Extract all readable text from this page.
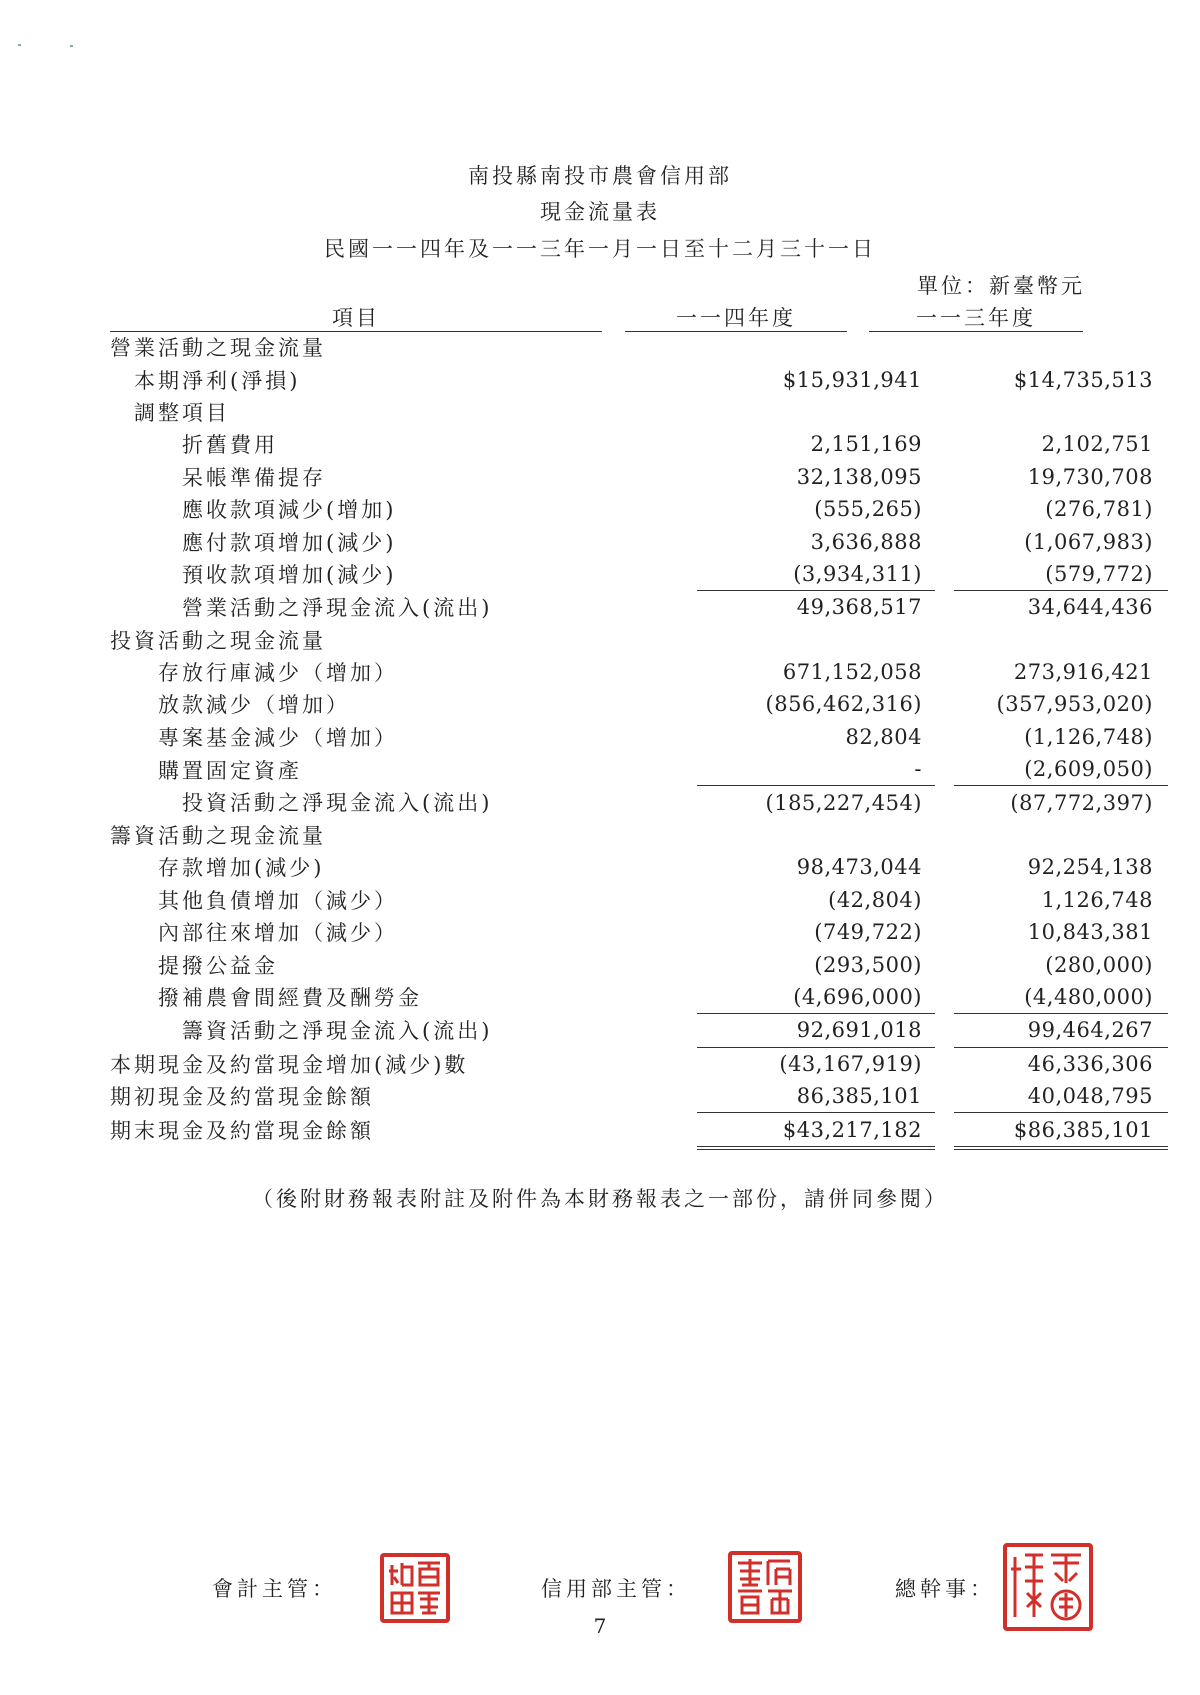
南投縣南投市農會信用部
現金流量表
民國一一四年及一一三年一月一日至十二月三十一日
單位：新臺幣元
項目	一一四年度	一一三年度
營業活動之現金流量			
本期淨利(淨損)	$15,931,941		$14,735,513
調整項目			
折舊費用	2,151,169		2,102,751
呆帳準備提存	32,138,095		19,730,708
應收款項減少(增加)	(555,265)		(276,781)
應付款項增加(減少)	3,636,888		(1,067,983)
預收款項增加(減少)	(3,934,311)		(579,772)
營業活動之淨現金流入(流出)	49,368,517		34,644,436
投資活動之現金流量			
存放行庫減少（增加）	671,152,058		273,916,421
放款減少（增加）	(856,462,316)		(357,953,020)
專案基金減少（增加）	82,804		(1,126,748)
購置固定資產	-		(2,609,050)
投資活動之淨現金流入(流出)	(185,227,454)		(87,772,397)
籌資活動之現金流量			
存款增加(減少)	98,473,044		92,254,138
其他負債增加（減少）	(42,804)		1,126,748
內部往來增加（減少）	(749,722)		10,843,381
提撥公益金	(293,500)		(280,000)
撥補農會間經費及酬勞金	(4,696,000)		(4,480,000)
籌資活動之淨現金流入(流出)	92,691,018		99,464,267
本期現金及約當現金增加(減少)數	(43,167,919)		46,336,306
期初現金及約當現金餘額	86,385,101		40,048,795
期末現金及約當現金餘額	$43,217,182		$86,385,101
（後附財務報表附註及附件為本財務報表之一部份，請併同參閱）
會計主管：	信用部主管：	總幹事：
7
